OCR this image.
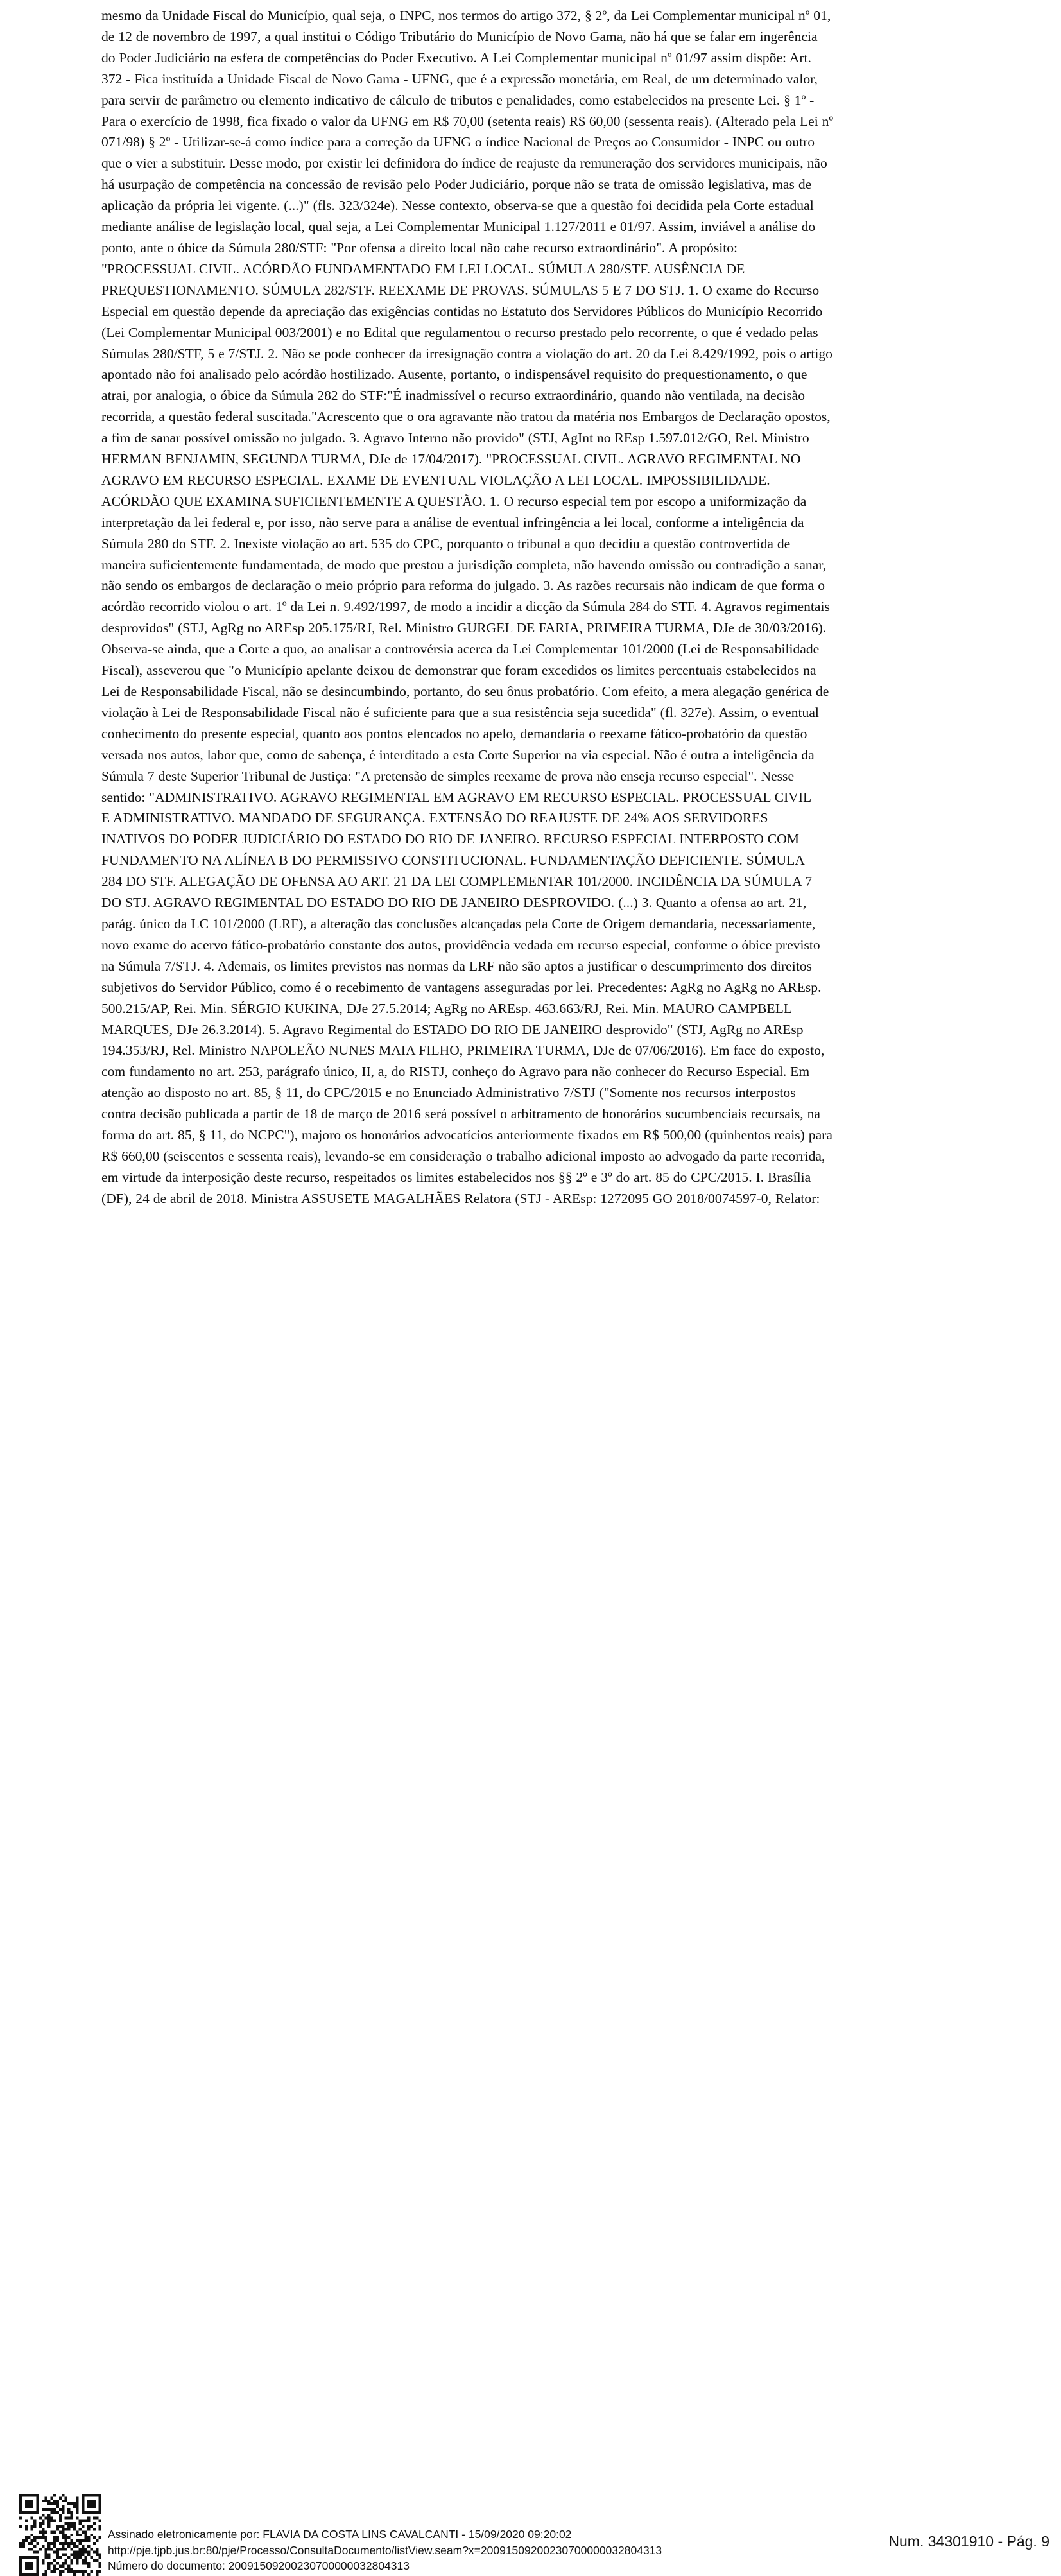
mesmo da Unidade Fiscal do Município, qual seja, o INPC, nos termos do artigo 372, § 2º, da Lei Complementar municipal nº 01,

de 12 de novembro de 1997, a qual institui o Código Tributário do Município de Novo Gama, não há que se falar em ingerência

do Poder Judiciário na esfera de competências do Poder Executivo. A Lei Complementar municipal nº 01/97 assim dispõe: Art.

372 - Fica instituída a Unidade Fiscal de Novo Gama - UFNG, que é a expressão monetária, em Real, de um determinado valor,

para servir de parâmetro ou elemento indicativo de cálculo de tributos e penalidades, como estabelecidos na presente Lei. § 1º -

Para o exercício de 1998, fica fixado o valor da UFNG em R$ 70,00 (setenta reais) R$ 60,00 (sessenta reais). (Alterado pela Lei nº

071/98) § 2º - Utilizar-se-á como índice para a correção da UFNG o índice Nacional de Preços ao Consumidor - INPC ou outro

que o vier a substituir. Desse modo, por existir lei definidora do índice de reajuste da remuneração dos servidores municipais, não

há usurpação de competência na concessão de revisão pelo Poder Judiciário, porque não se trata de omissão legislativa, mas de

aplicação da própria lei vigente. (...)" (fls. 323/324e). Nesse contexto, observa-se que a questão foi decidida pela Corte estadual

mediante análise de legislação local, qual seja, a Lei Complementar Municipal 1.127/2011 e 01/97. Assim, inviável a análise do

ponto, ante o óbice da Súmula 280/STF: "Por ofensa a direito local não cabe recurso extraordinário". A propósito:

"PROCESSUAL CIVIL. ACÓRDÃO FUNDAMENTADO EM LEI LOCAL. SÚMULA 280/STF. AUSÊNCIA DE

PREQUESTIONAMENTO. SÚMULA 282/STF. REEXAME DE PROVAS. SÚMULAS 5 E 7 DO STJ. 1. O exame do Recurso

Especial em questão depende da apreciação das exigências contidas no Estatuto dos Servidores Públicos do Município Recorrido

(Lei Complementar Municipal 003/2001) e no Edital que regulamentou o recurso prestado pelo recorrente, o que é vedado pelas

Súmulas 280/STF, 5 e 7/STJ. 2. Não se pode conhecer da irresignação contra a violação do art. 20 da Lei 8.429/1992, pois o artigo

apontado não foi analisado pelo acórdão hostilizado. Ausente, portanto, o indispensável requisito do prequestionamento, o que

atrai, por analogia, o óbice da Súmula 282 do STF:"É inadmissível o recurso extraordinário, quando não ventilada, na decisão

recorrida, a questão federal suscitada."Acrescento que o ora agravante não tratou da matéria nos Embargos de Declaração opostos,

a fim de sanar possível omissão no julgado. 3. Agravo Interno não provido" (STJ, AgInt no REsp 1.597.012/GO, Rel. Ministro

HERMAN BENJAMIN, SEGUNDA TURMA, DJe de 17/04/2017). "PROCESSUAL CIVIL. AGRAVO REGIMENTAL NO

AGRAVO EM RECURSO ESPECIAL. EXAME DE EVENTUAL VIOLAÇÃO A LEI LOCAL. IMPOSSIBILIDADE.

ACÓRDÃO QUE EXAMINA SUFICIENTEMENTE A QUESTÃO. 1. O recurso especial tem por escopo a uniformização da

interpretação da lei federal e, por isso, não serve para a análise de eventual infringência a lei local, conforme a inteligência da

Súmula 280 do STF. 2. Inexiste violação ao art. 535 do CPC, porquanto o tribunal a quo decidiu a questão controvertida de

maneira suficientemente fundamentada, de modo que prestou a jurisdição completa, não havendo omissão ou contradição a sanar,

não sendo os embargos de declaração o meio próprio para reforma do julgado. 3. As razões recursais não indicam de que forma o

acórdão recorrido violou o art. 1º da Lei n. 9.492/1997, de modo a incidir a dicção da Súmula 284 do STF. 4. Agravos regimentais

desprovidos" (STJ, AgRg no AREsp 205.175/RJ, Rel. Ministro GURGEL DE FARIA, PRIMEIRA TURMA, DJe de 30/03/2016).

Observa-se ainda, que a Corte a quo, ao analisar a controvérsia acerca da Lei Complementar 101/2000 (Lei de Responsabilidade

Fiscal), asseverou que "o Município apelante deixou de demonstrar que foram excedidos os limites percentuais estabelecidos na

Lei de Responsabilidade Fiscal, não se desincumbindo, portanto, do seu ônus probatório. Com efeito, a mera alegação genérica de

violação à Lei de Responsabilidade Fiscal não é suficiente para que a sua resistência seja sucedida" (fl. 327e). Assim, o eventual

conhecimento do presente especial, quanto aos pontos elencados no apelo, demandaria o reexame fático-probatório da questão

versada nos autos, labor que, como de sabença, é interditado a esta Corte Superior na via especial. Não é outra a inteligência da

Súmula 7 deste Superior Tribunal de Justiça: "A pretensão de simples reexame de prova não enseja recurso especial". Nesse

sentido: "ADMINISTRATIVO. AGRAVO REGIMENTAL EM AGRAVO EM RECURSO ESPECIAL. PROCESSUAL CIVIL

E ADMINISTRATIVO. MANDADO DE SEGURANÇA. EXTENSÃO DO REAJUSTE DE 24% AOS SERVIDORES

INATIVOS DO PODER JUDICIÁRIO DO ESTADO DO RIO DE JANEIRO. RECURSO ESPECIAL INTERPOSTO COM

FUNDAMENTO NA ALÍNEA B DO PERMISSIVO CONSTITUCIONAL. FUNDAMENTAÇÃO DEFICIENTE. SÚMULA

284 DO STF. ALEGAÇÃO DE OFENSA AO ART. 21 DA LEI COMPLEMENTAR 101/2000. INCIDÊNCIA DA SÚMULA 7

DO STJ. AGRAVO REGIMENTAL DO ESTADO DO RIO DE JANEIRO DESPROVIDO. (...) 3. Quanto a ofensa ao art. 21,

parág. único da LC 101/2000 (LRF), a alteração das conclusões alcançadas pela Corte de Origem demandaria, necessariamente,

novo exame do acervo fático-probatório constante dos autos, providência vedada em recurso especial, conforme o óbice previsto

na Súmula 7/STJ. 4. Ademais, os limites previstos nas normas da LRF não são aptos a justificar o descumprimento dos direitos

subjetivos do Servidor Público, como é o recebimento de vantagens asseguradas por lei. Precedentes: AgRg no AgRg no AREsp.

500.215/AP, Rei. Min. SÉRGIO KUKINA, DJe 27.5.2014; AgRg no AREsp. 463.663/RJ, Rei. Min. MAURO CAMPBELL

MARQUES, DJe 26.3.2014). 5. Agravo Regimental do ESTADO DO RIO DE JANEIRO desprovido" (STJ, AgRg no AREsp

194.353/RJ, Rel. Ministro NAPOLEÃO NUNES MAIA FILHO, PRIMEIRA TURMA, DJe de 07/06/2016). Em face do exposto,

com fundamento no art. 253, parágrafo único, II, a, do RISTJ, conheço do Agravo para não conhecer do Recurso Especial. Em

atenção ao disposto no art. 85, § 11, do CPC/2015 e no Enunciado Administrativo 7/STJ ("Somente nos recursos interpostos

contra decisão publicada a partir de 18 de março de 2016 será possível o arbitramento de honorários sucumbenciais recursais, na

forma do art. 85, § 11, do NCPC"), majoro os honorários advocatícios anteriormente fixados em R$ 500,00 (quinhentos reais) para

R$ 660,00 (seiscentos e sessenta reais), levando-se em consideração o trabalho adicional imposto ao advogado da parte recorrida,

em virtude da interposição deste recurso, respeitados os limites estabelecidos nos §§ 2º e 3º do art. 85 do CPC/2015. I. Brasília

(DF), 24 de abril de 2018. Ministra ASSUSETE MAGALHÃES Relatora (STJ - AREsp: 1272095 GO 2018/0074597-0, Relator:

Assinado eletronicamente por: FLAVIA DA COSTA LINS CAVALCANTI - 15/09/2020 09:20:02
http://pje.tjpb.jus.br:80/pje/Processo/ConsultaDocumento/listView.seam?x=20091509200230700000032804313
Número do documento: 20091509200230700000032804313
Num. 34301910 - Pág. 9
